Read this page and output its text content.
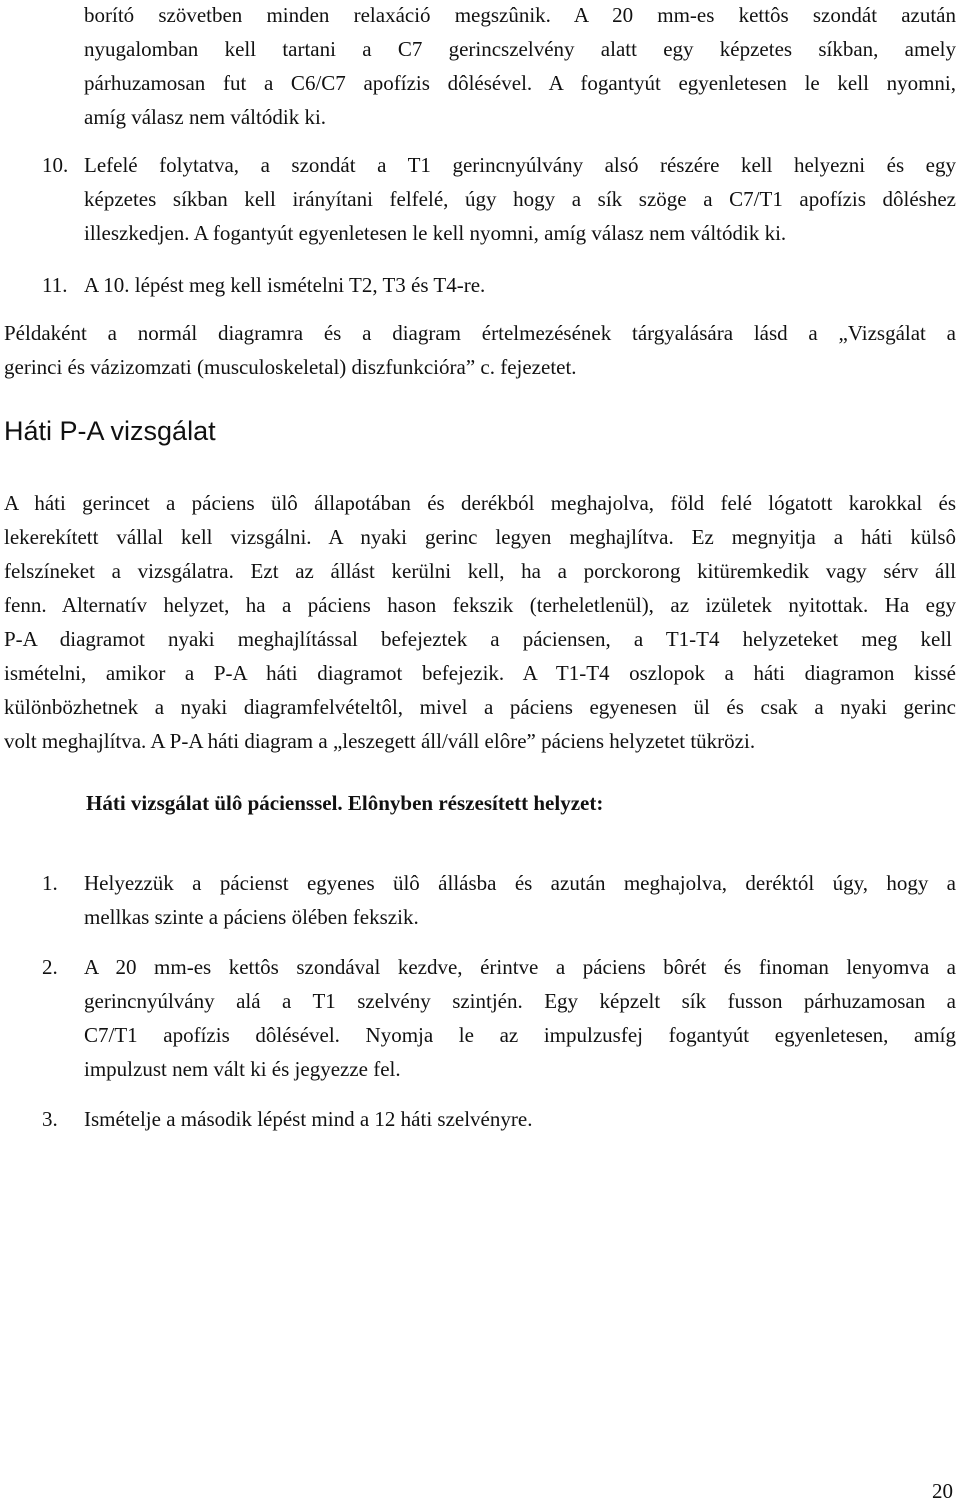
borító szövetben minden relaxáció megszûnik. A 20 mm-es kettôs szondát azután
nyugalomban kell tartani a C7 gerincszelvény alatt egy képzetes síkban, amely
párhuzamosan fut a C6/C7 apofízis dôlésével. A fogantyút egyenletesen le kell nyomni,
amíg válasz nem váltódik ki.
10. Lefelé folytatva, a szondát a T1 gerincnyúlvány alsó részére kell helyezni és egy
képzetes síkban kell irányítani felfelé, úgy hogy a sík szöge a C7/T1 apofízis dôléshez
illeszkedjen. A fogantyút egyenletesen le kell nyomni, amíg válasz nem váltódik ki.
11. A 10. lépést meg kell ismételni T2, T3 és T4-re.
Példaként a normál diagramra és a diagram értelmezésének tárgyalására lásd a „Vizsgálat a
gerinci és vázizomzati (musculoskeletal) diszfunkcióra” c. fejezetet.
Háti P-A vizsgálat
A háti gerincet a páciens ülô állapotában és derékból meghajolva, föld felé lógatott karokkal és
lekerekített vállal kell vizsgálni. A nyaki gerinc legyen meghajlítva. Ez megnyitja a háti külsô
felszíneket a vizsgálatra. Ezt az állást kerülni kell, ha a porckorong kitüremkedik vagy sérv áll
fenn. Alternatív helyzet, ha a páciens hason fekszik (terheletlenül), az izületek nyitottak. Ha egy
P-A diagramot nyaki meghajlítással befejeztek a páciensen, a T1-T4 helyzeteket meg kell
ismételni, amikor a P-A háti diagramot befejezik. A T1-T4 oszlopok a háti diagramon kissé
különbözhetnek a nyaki diagramfelvételtôl, mivel a páciens egyenesen ül és csak a nyaki gerinc
volt meghajlítva. A P-A háti diagram a „leszegett áll/váll elôre” páciens helyzetet tükrözi.
Háti vizsgálat ülô pácienssel. Elônyben részesített helyzet:
1. Helyezzük a pácienst egyenes ülô állásba és azután meghajolva, deréktól úgy, hogy a
mellkas szinte a páciens ölében fekszik.
2. A 20 mm-es kettôs szondával kezdve, érintve a páciens bôrét és finoman lenyomva a
gerincnyúlvány alá a T1 szelvény szintjén. Egy képzelt sík fusson párhuzamosan a
C7/T1 apofízis dôlésével. Nyomja le az impulzusfej fogantyút egyenletesen, amíg
impulzust nem vált ki és jegyezze fel.
3. Ismételje a második lépést mind a 12 háti szelvényre.
20
